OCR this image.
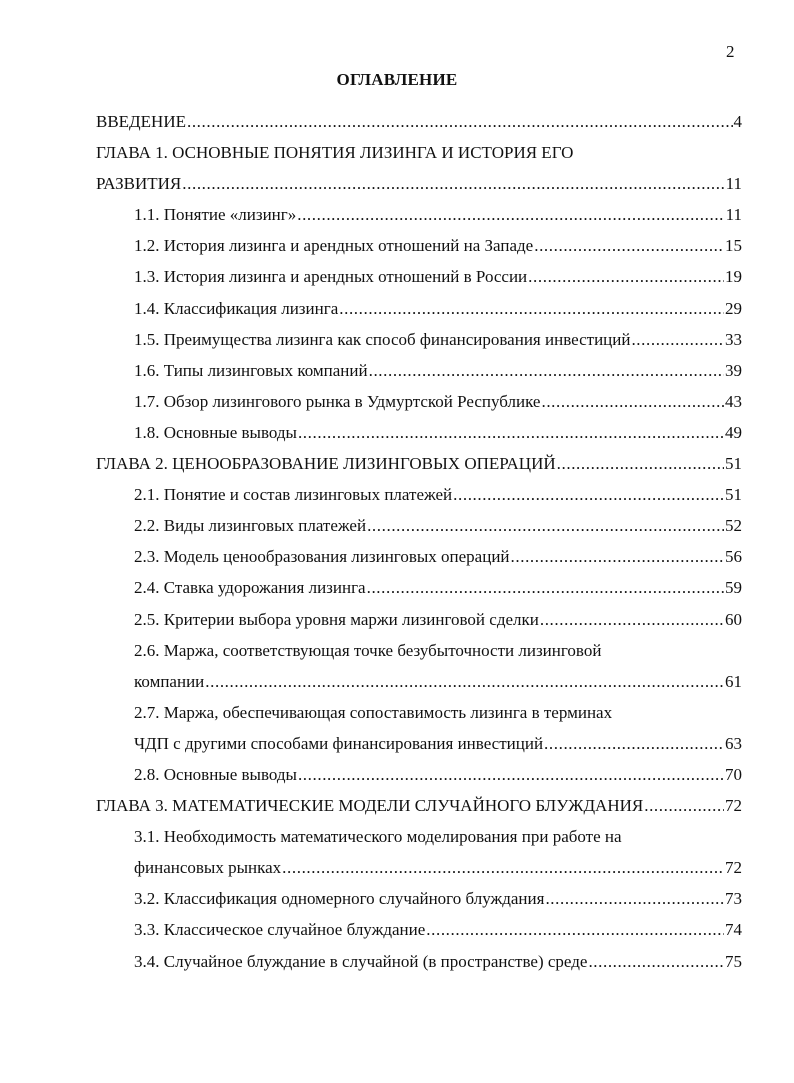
2
ОГЛАВЛЕНИЕ
ВВЕДЕНИЕ .....	4
ГЛАВА 1. ОСНОВНЫЕ ПОНЯТИЯ ЛИЗИНГА И ИСТОРИЯ ЕГО
РАЗВИТИЯ .....	11
1.1. Понятие «лизинг» .....	11
1.2. История лизинга и арендных отношений на Западе .....	15
1.3. История лизинга и арендных отношений в России .....	19
1.4. Классификация лизинга .....	29
1.5. Преимущества лизинга как способ финансирования инвестиций .....	33
1.6. Типы лизинговых компаний .....	39
1.7. Обзор лизингового рынка в Удмуртской Республике .....	43
1.8. Основные выводы .....	49
ГЛАВА 2. ЦЕНООБРАЗОВАНИЕ ЛИЗИНГОВЫХ ОПЕРАЦИЙ .....	51
2.1. Понятие и состав лизинговых платежей .....	51
2.2. Виды лизинговых платежей .....	52
2.3. Модель ценообразования лизинговых операций .....	56
2.4. Ставка удорожания лизинга .....	59
2.5. Критерии выбора уровня маржи лизинговой сделки .....	60
2.6. Маржа, соответствующая точке безубыточности лизинговой
компании .....	61
2.7. Маржа, обеспечивающая сопоставимость лизинга в терминах
ЧДП с другими способами финансирования инвестиций .....	63
2.8. Основные выводы .....	70
ГЛАВА 3. МАТЕМАТИЧЕСКИЕ МОДЕЛИ СЛУЧАЙНОГО БЛУЖДАНИЯ .....	72
3.1. Необходимость математического моделирования при работе на
финансовых рынках .....	72
3.2. Классификация одномерного случайного блуждания .....	73
3.3. Классическое случайное блуждание .....	74
3.4. Случайное блуждание в случайной (в пространстве) среде .....	75
